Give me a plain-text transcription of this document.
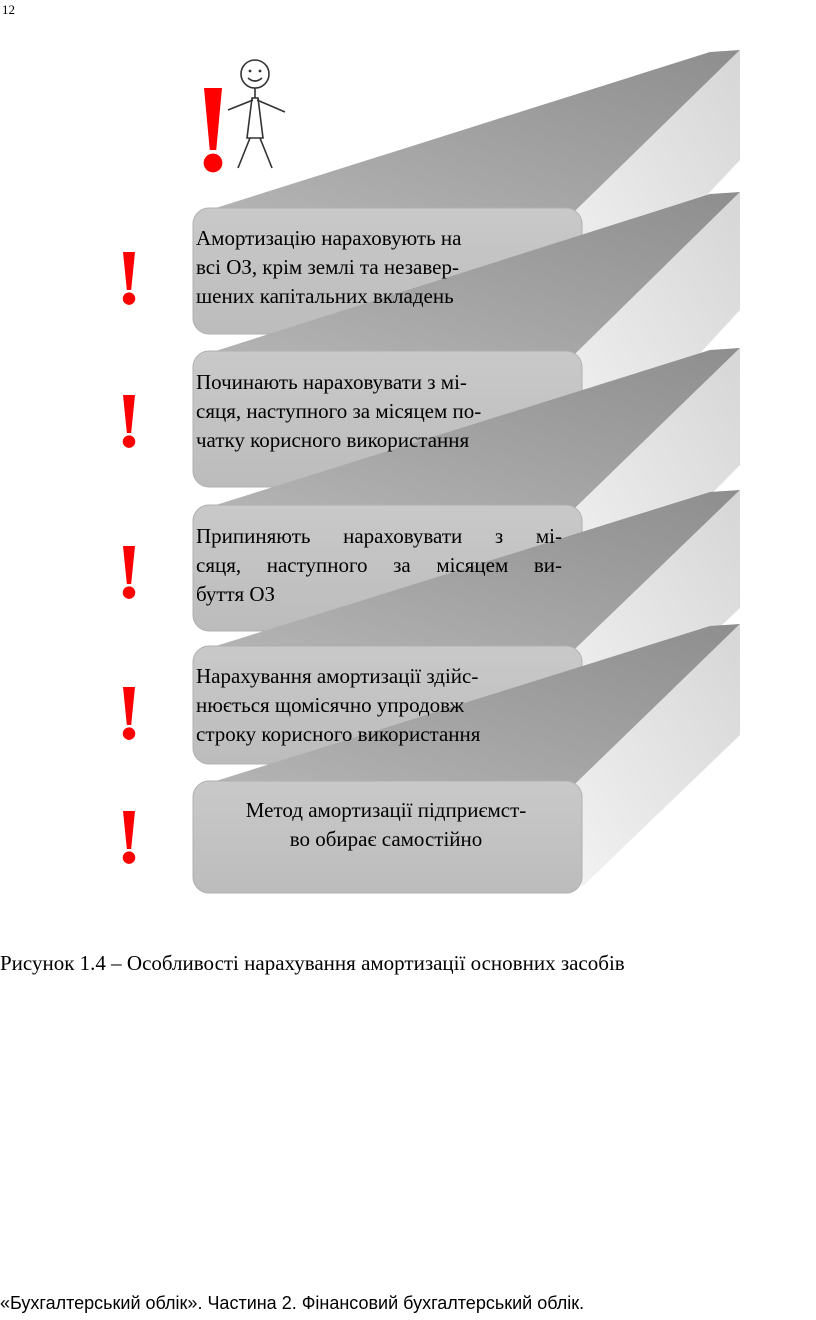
12
Амортизацію нараховують на
всі ОЗ, крім землі та незавер-
шених капітальних вкладень
Починають нараховувати з мі-
сяця, наступного за місяцем по-
чатку корисного використання
Припиняють нараховувати з мі-
сяця, наступного за місяцем ви-
буття ОЗ
Нарахування амортизації здійс-
нюється щомісячно упродовж
строку корисного використання
Метод амортизації підприємст-
во обирає самостійно
Рисунок 1.4 – Особливості нарахування амортизації основних засобів
«Бухгалтерський облік». Частина 2. Фінансовий бухгалтерський облік.
